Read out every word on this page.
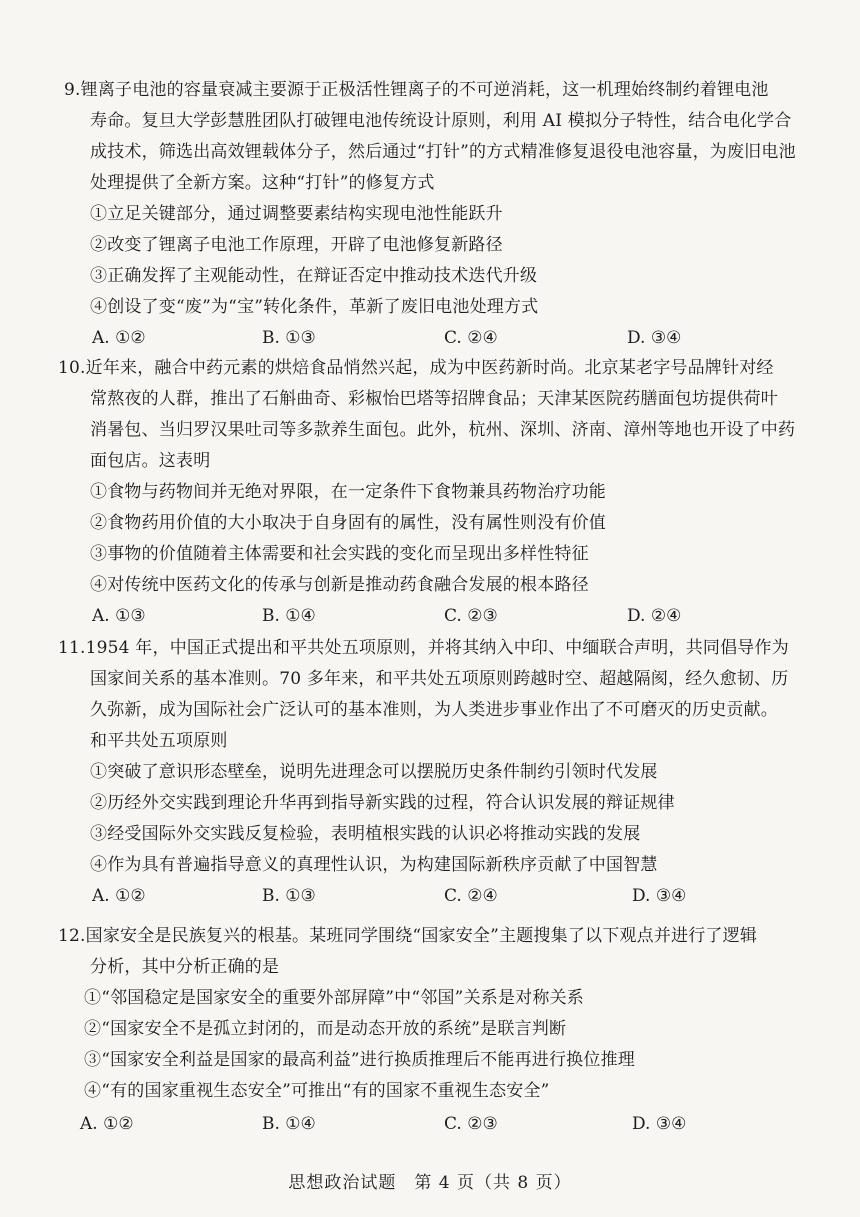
9.锂离子电池的容量衰减主要源于正极活性锂离子的不可逆消耗，这一机理始终制约着锂电池
寿命。复旦大学彭慧胜团队打破锂电池传统设计原则，利用 AI 模拟分子特性，结合电化学合
成技术，筛选出高效锂载体分子，然后通过“打针”的方式精准修复退役电池容量，为废旧电池
处理提供了全新方案。这种“打针”的修复方式
①立足关键部分，通过调整要素结构实现电池性能跃升
②改变了锂离子电池工作原理，开辟了电池修复新路径
③正确发挥了主观能动性，在辩证否定中推动技术迭代升级
④创设了变“废”为“宝”转化条件，革新了废旧电池处理方式
A. ①②	B. ①③	C. ②④	D. ③④
10.近年来，融合中药元素的烘焙食品悄然兴起，成为中医药新时尚。北京某老字号品牌针对经
常熬夜的人群，推出了石斛曲奇、彩椒怡巴塔等招牌食品；天津某医院药膳面包坊提供荷叶
消暑包、当归罗汉果吐司等多款养生面包。此外，杭州、深圳、济南、漳州等地也开设了中药
面包店。这表明
①食物与药物间并无绝对界限，在一定条件下食物兼具药物治疗功能
②食物药用价值的大小取决于自身固有的属性，没有属性则没有价值
③事物的价值随着主体需要和社会实践的变化而呈现出多样性特征
④对传统中医药文化的传承与创新是推动药食融合发展的根本路径
A. ①③	B. ①④	C. ②③	D. ②④
11.1954 年，中国正式提出和平共处五项原则，并将其纳入中印、中缅联合声明，共同倡导作为
国家间关系的基本准则。70 多年来，和平共处五项原则跨越时空、超越隔阂，经久愈韧、历
久弥新，成为国际社会广泛认可的基本准则，为人类进步事业作出了不可磨灭的历史贡献。
和平共处五项原则
①突破了意识形态壁垒，说明先进理念可以摆脱历史条件制约引领时代发展
②历经外交实践到理论升华再到指导新实践的过程，符合认识发展的辩证规律
③经受国际外交实践反复检验，表明植根实践的认识必将推动实践的发展
④作为具有普遍指导意义的真理性认识，为构建国际新秩序贡献了中国智慧
A. ①②	B. ①③	C. ②④	D. ③④
12.国家安全是民族复兴的根基。某班同学围绕“国家安全”主题搜集了以下观点并进行了逻辑
分析，其中分析正确的是
①“邻国稳定是国家安全的重要外部屏障”中“邻国”关系是对称关系
②“国家安全不是孤立封闭的，而是动态开放的系统”是联言判断
③“国家安全利益是国家的最高利益”进行换质推理后不能再进行换位推理
④“有的国家重视生态安全”可推出“有的国家不重视生态安全”
A. ①②	B. ①④	C. ②③	D. ③④
思想政治试题　第 4 页（共 8 页）
